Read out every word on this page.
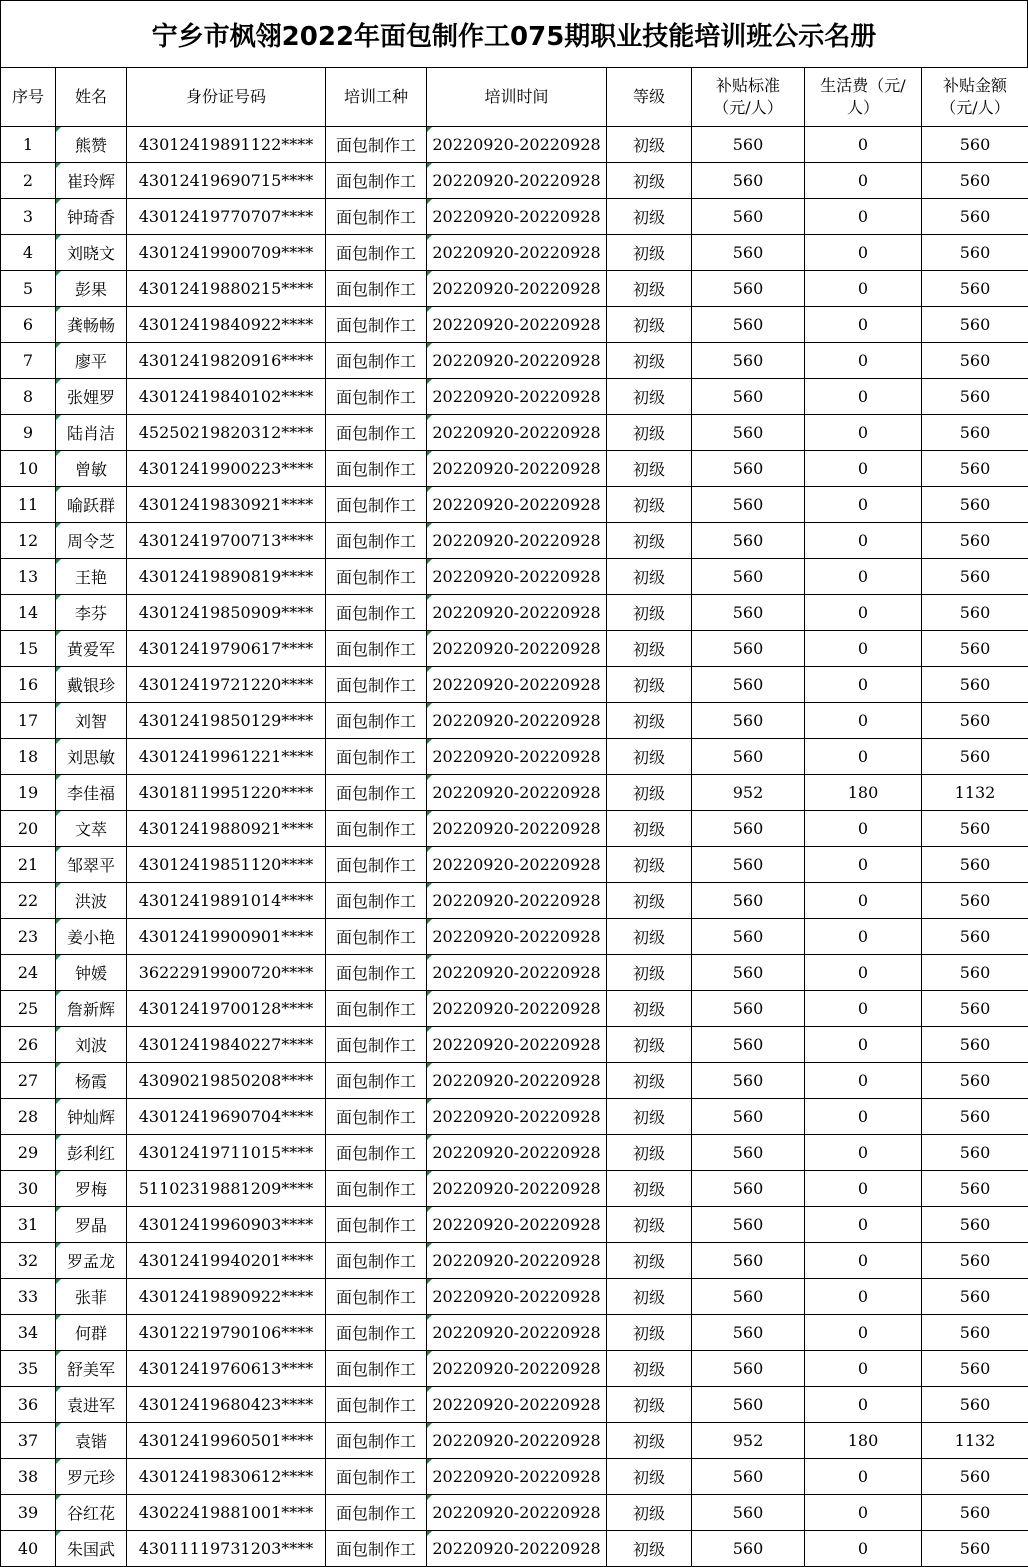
宁乡市枫翎2022年面包制作工075期职业技能培训班公示名册
序号	姓名	身份证号码	培训工种	培训时间	等级	补贴标准（元/人）	生活费（元/人）	补贴金额（元/人）
1	熊赞	43012419891122****	面包制作工	20220920-20220928	初级	560	0	560
2	崔玲辉	43012419690715****	面包制作工	20220920-20220928	初级	560	0	560
3	钟琦香	43012419770707****	面包制作工	20220920-20220928	初级	560	0	560
4	刘晓文	43012419900709****	面包制作工	20220920-20220928	初级	560	0	560
5	彭果	43012419880215****	面包制作工	20220920-20220928	初级	560	0	560
6	龚畅畅	43012419840922****	面包制作工	20220920-20220928	初级	560	0	560
7	廖平	43012419820916****	面包制作工	20220920-20220928	初级	560	0	560
8	张娌罗	43012419840102****	面包制作工	20220920-20220928	初级	560	0	560
9	陆肖洁	45250219820312****	面包制作工	20220920-20220928	初级	560	0	560
10	曾敏	43012419900223****	面包制作工	20220920-20220928	初级	560	0	560
11	喻跃群	43012419830921****	面包制作工	20220920-20220928	初级	560	0	560
12	周令芝	43012419700713****	面包制作工	20220920-20220928	初级	560	0	560
13	王艳	43012419890819****	面包制作工	20220920-20220928	初级	560	0	560
14	李芬	43012419850909****	面包制作工	20220920-20220928	初级	560	0	560
15	黄爱军	43012419790617****	面包制作工	20220920-20220928	初级	560	0	560
16	戴银珍	43012419721220****	面包制作工	20220920-20220928	初级	560	0	560
17	刘智	43012419850129****	面包制作工	20220920-20220928	初级	560	0	560
18	刘思敏	43012419961221****	面包制作工	20220920-20220928	初级	560	0	560
19	李佳福	43018119951220****	面包制作工	20220920-20220928	初级	952	180	1132
20	文萃	43012419880921****	面包制作工	20220920-20220928	初级	560	0	560
21	邹翠平	43012419851120****	面包制作工	20220920-20220928	初级	560	0	560
22	洪波	43012419891014****	面包制作工	20220920-20220928	初级	560	0	560
23	姜小艳	43012419900901****	面包制作工	20220920-20220928	初级	560	0	560
24	钟媛	36222919900720****	面包制作工	20220920-20220928	初级	560	0	560
25	詹新辉	43012419700128****	面包制作工	20220920-20220928	初级	560	0	560
26	刘波	43012419840227****	面包制作工	20220920-20220928	初级	560	0	560
27	杨霞	43090219850208****	面包制作工	20220920-20220928	初级	560	0	560
28	钟灿辉	43012419690704****	面包制作工	20220920-20220928	初级	560	0	560
29	彭利红	43012419711015****	面包制作工	20220920-20220928	初级	560	0	560
30	罗梅	51102319881209****	面包制作工	20220920-20220928	初级	560	0	560
31	罗晶	43012419960903****	面包制作工	20220920-20220928	初级	560	0	560
32	罗孟龙	43012419940201****	面包制作工	20220920-20220928	初级	560	0	560
33	张菲	43012419890922****	面包制作工	20220920-20220928	初级	560	0	560
34	何群	43012219790106****	面包制作工	20220920-20220928	初级	560	0	560
35	舒美军	43012419760613****	面包制作工	20220920-20220928	初级	560	0	560
36	袁进军	43012419680423****	面包制作工	20220920-20220928	初级	560	0	560
37	袁锴	43012419960501****	面包制作工	20220920-20220928	初级	952	180	1132
38	罗元珍	43012419830612****	面包制作工	20220920-20220928	初级	560	0	560
39	谷红花	43022419881001****	面包制作工	20220920-20220928	初级	560	0	560
40	朱国武	43011119731203****	面包制作工	20220920-20220928	初级	560	0	560
